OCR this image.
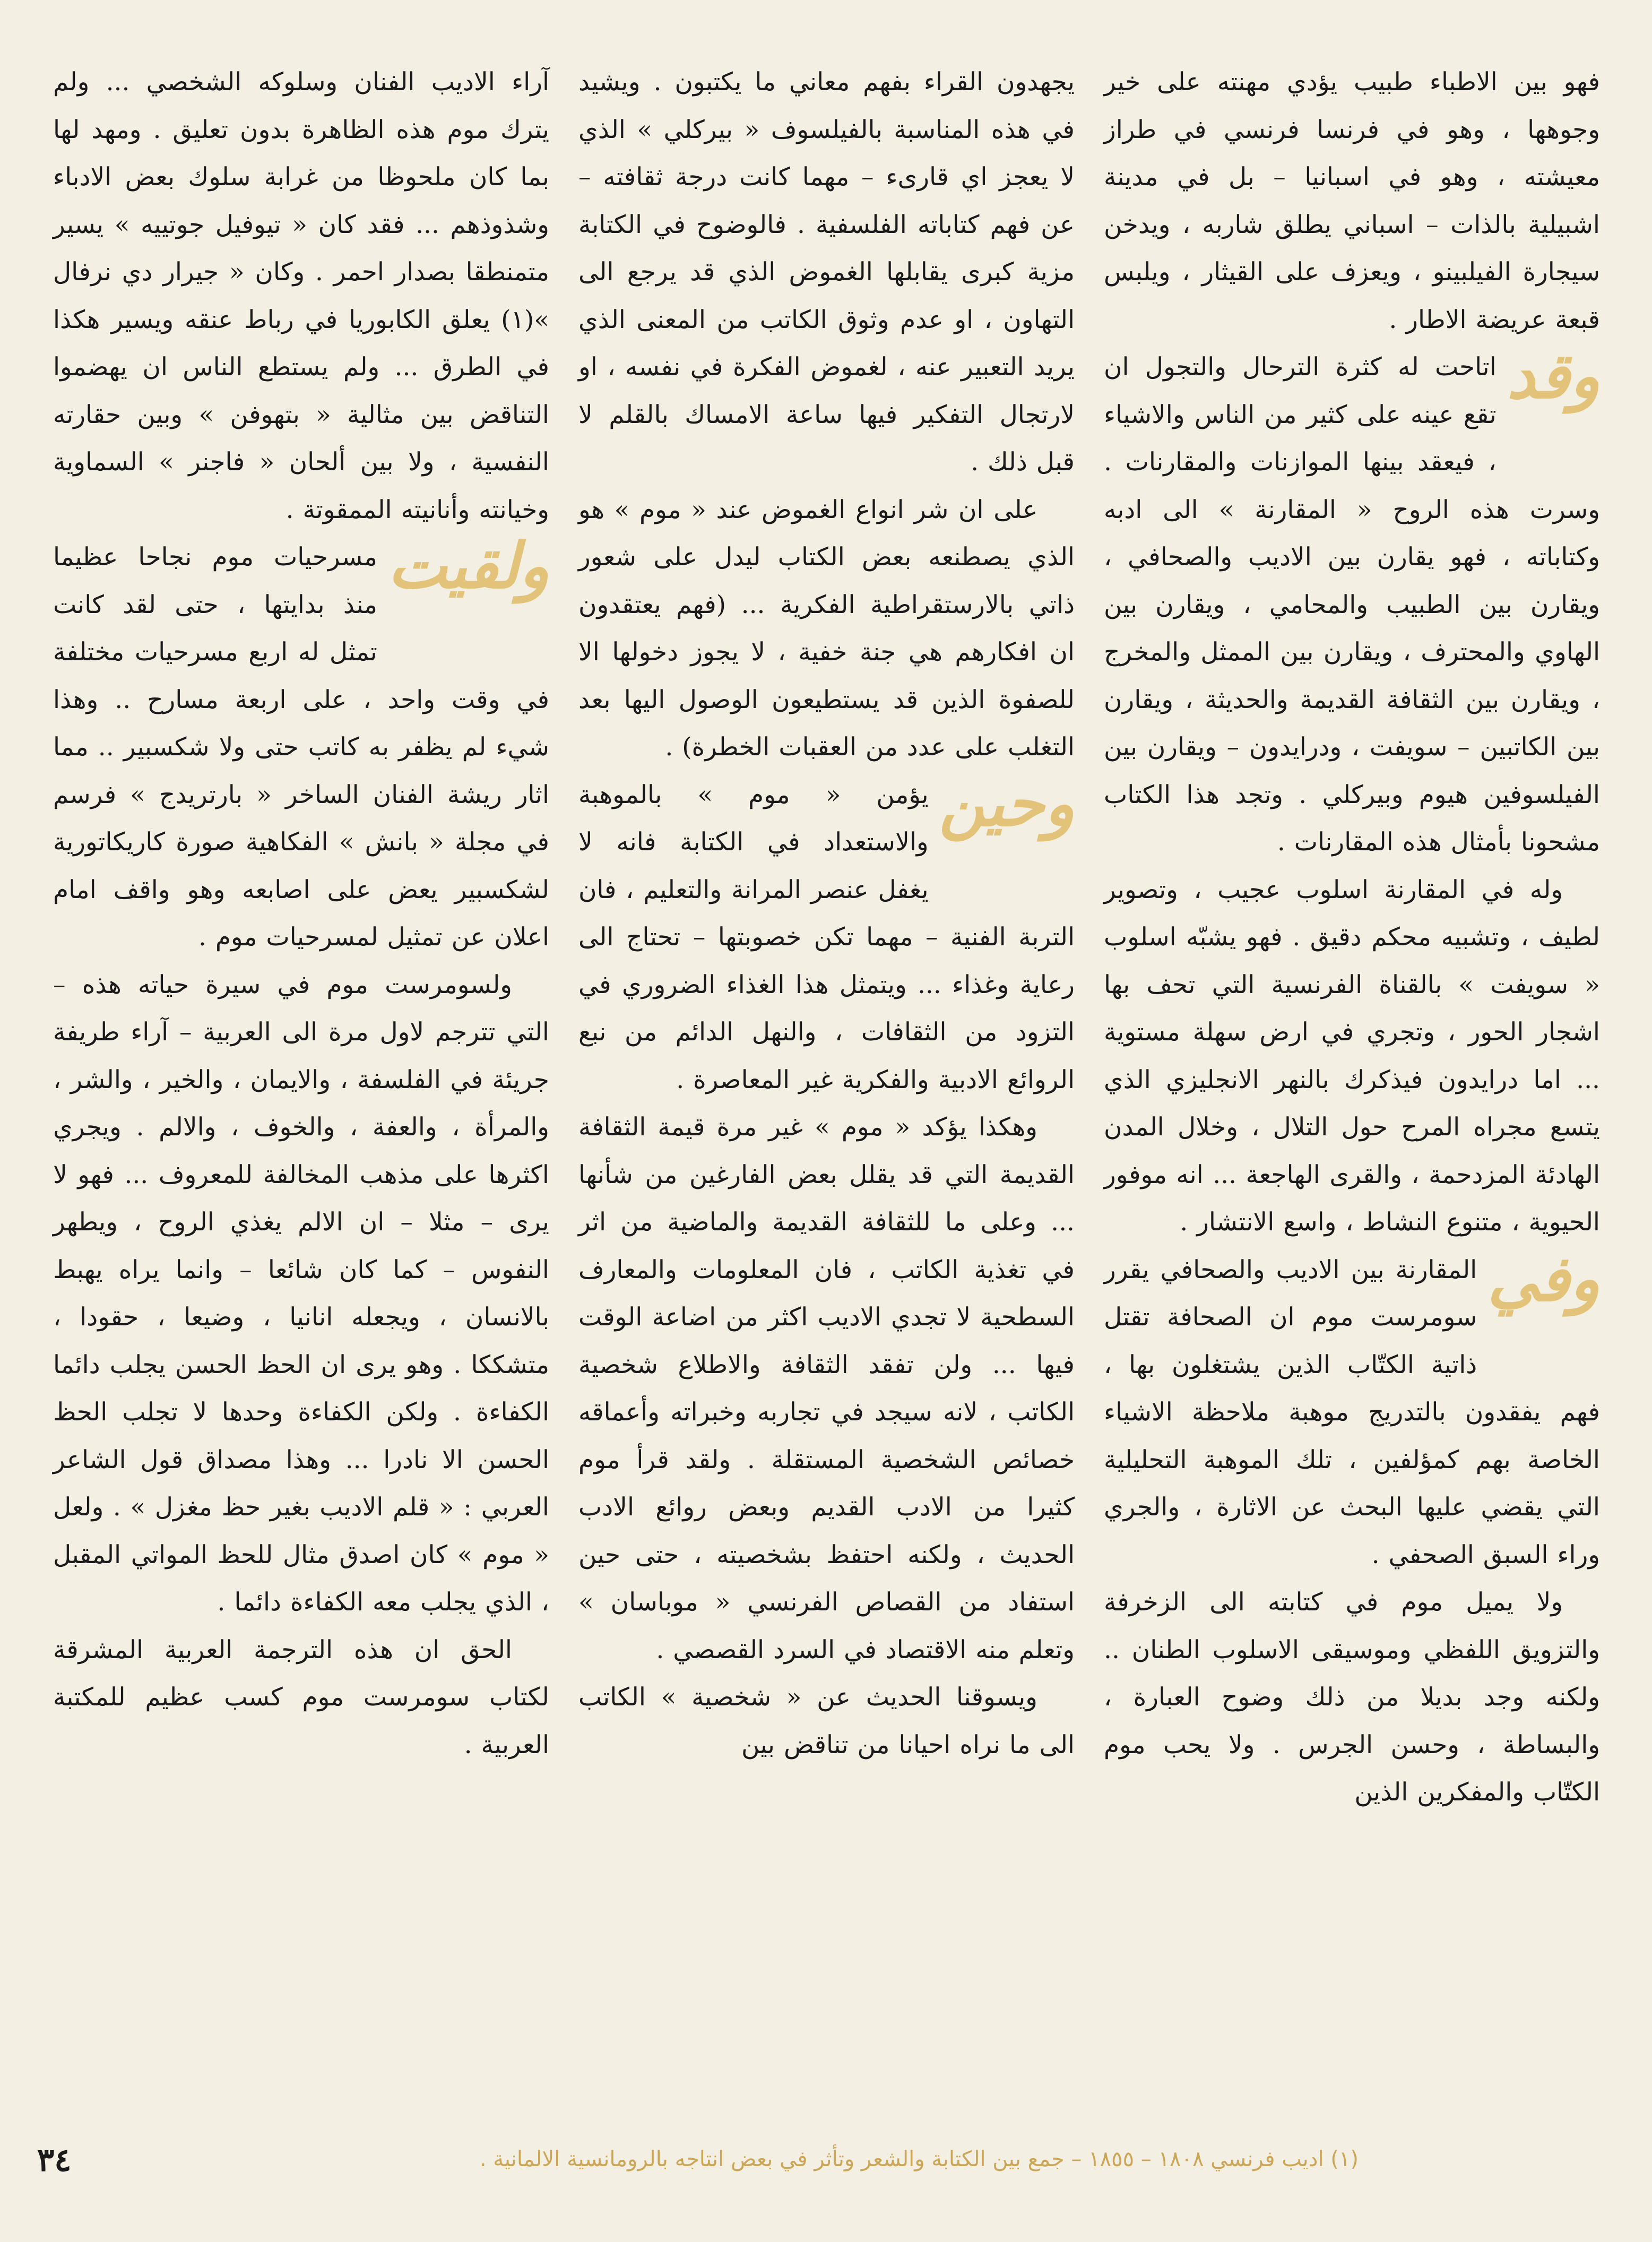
فهو بين الاطباء طبيب يؤدي مهنته على خير وجوهها ، وهو في فرنسا فرنسي في طراز معيشته ، وهو في اسبانيا – بل في مدينة اشبيلية بالذات – اسباني يطلق شاربه ، ويدخن سيجارة الفيلبينو ، ويعزف على القيثار ، ويلبس قبعة عريضة الاطار .

وقد
اتاحت له كثرة الترحال والتجول ان تقع عينه على كثير من الناس والاشياء ، فيعقد بينها الموازنات والمقارنات . وسرت هذه الروح « المقارنة » الى ادبه وكتاباته ، فهو يقارن بين الاديب والصحافي ، ويقارن بين الطبيب والمحامي ، ويقارن بين الهاوي والمحترف ، ويقارن بين الممثل والمخرج ، ويقارن بين الثقافة القديمة والحديثة ، ويقارن بين الكاتبين – سويفت ، ودرايدون – ويقارن بين الفيلسوفين هيوم وبيركلي . وتجد هذا الكتاب مشحونا بأمثال هذه المقارنات .

وله في المقارنة اسلوب عجيب ، وتصوير لطيف ، وتشبيه محكم دقيق . فهو يشبّه اسلوب « سويفت » بالقناة الفرنسية التي تحف بها اشجار الحور ، وتجري في ارض سهلة مستوية ... اما درايدون فيذكرك بالنهر الانجليزي الذي يتسع مجراه المرح حول التلال ، وخلال المدن الهادئة المزدحمة ، والقرى الهاجعة ... انه موفور الحيوية ، متنوع النشاط ، واسع الانتشار .

وفي
المقارنة بين الاديب والصحافي يقرر سومرست موم ان الصحافة تقتل ذاتية الكتّاب الذين يشتغلون بها ، فهم يفقدون بالتدريج موهبة ملاحظة الاشياء الخاصة بهم كمؤلفين ، تلك الموهبة التحليلية التي يقضي عليها البحث عن الاثارة ، والجري وراء السبق الصحفي .

ولا يميل موم في كتابته الى الزخرفة والتزويق اللفظي وموسيقى الاسلوب الطنان .. ولكنه وجد بديلا من ذلك وضوح العبارة ، والبساطة ، وحسن الجرس . ولا يحب موم الكتّاب والمفكرين الذين

يجهدون القراء بفهم معاني ما يكتبون . ويشيد في هذه المناسبة بالفيلسوف « بيركلي » الذي لا يعجز اي قارىء – مهما كانت درجة ثقافته – عن فهم كتاباته الفلسفية . فالوضوح في الكتابة مزية كبرى يقابلها الغموض الذي قد يرجع الى التهاون ، او عدم وثوق الكاتب من المعنى الذي يريد التعبير عنه ، لغموض الفكرة في نفسه ، او لارتجال التفكير فيها ساعة الامساك بالقلم لا قبل ذلك .

على ان شر انواع الغموض عند « موم » هو الذي يصطنعه بعض الكتاب ليدل على شعور ذاتي بالارستقراطية الفكرية ... (فهم يعتقدون ان افكارهم هي جنة خفية ، لا يجوز دخولها الا للصفوة الذين قد يستطيعون الوصول اليها بعد التغلب على عدد من العقبات الخطرة) .

وحين
يؤمن « موم » بالموهبة والاستعداد في الكتابة فانه لا يغفل عنصر المرانة والتعليم ، فان التربة الفنية – مهما تكن خصوبتها – تحتاج الى رعاية وغذاء ... ويتمثل هذا الغذاء الضروري في التزود من الثقافات ، والنهل الدائم من نبع الروائع الادبية والفكرية غير المعاصرة .

وهكذا يؤكد « موم » غير مرة قيمة الثقافة القديمة التي قد يقلل بعض الفارغين من شأنها ... وعلى ما للثقافة القديمة والماضية من اثر في تغذية الكاتب ، فان المعلومات والمعارف السطحية لا تجدي الاديب اكثر من اضاعة الوقت فيها ... ولن تفقد الثقافة والاطلاع شخصية الكاتب ، لانه سيجد في تجاربه وخبراته وأعماقه خصائص الشخصية المستقلة . ولقد قرأ موم كثيرا من الادب القديم وبعض روائع الادب الحديث ، ولكنه احتفظ بشخصيته ، حتى حين استفاد من القصاص الفرنسي « موباسان » وتعلم منه الاقتصاد في السرد القصصي .

ويسوقنا الحديث عن « شخصية » الكاتب الى ما نراه احيانا من تناقض بين

آراء الاديب الفنان وسلوكه الشخصي ... ولم يترك موم هذه الظاهرة بدون تعليق . ومهد لها بما كان ملحوظا من غرابة سلوك بعض الادباء وشذوذهم ... فقد كان « تيوفيل جوتييه » يسير متمنطقا بصدار احمر . وكان « جيرار دي نرفال »(١) يعلق الكابوريا في رباط عنقه ويسير هكذا في الطرق ... ولم يستطع الناس ان يهضموا التناقض بين مثالية « بتهوفن » وبين حقارته النفسية ، ولا بين ألحان « فاجنر » السماوية وخيانته وأنانيته الممقوتة .

ولقيت
مسرحيات موم نجاحا عظيما منذ بدايتها ، حتى لقد كانت تمثل له اربع مسرحيات مختلفة في وقت واحد ، على اربعة مسارح .. وهذا شيء لم يظفر به كاتب حتى ولا شكسبير .. مما اثار ريشة الفنان الساخر « بارتريدج » فرسم في مجلة « بانش » الفكاهية صورة كاريكاتورية لشكسبير يعض على اصابعه وهو واقف امام اعلان عن تمثيل لمسرحيات موم .

ولسومرست موم في سيرة حياته هذه – التي تترجم لاول مرة الى العربية – آراء طريفة جريئة في الفلسفة ، والايمان ، والخير ، والشر ، والمرأة ، والعفة ، والخوف ، والالم . ويجري اكثرها على مذهب المخالفة للمعروف ... فهو لا يرى – مثلا – ان الالم يغذي الروح ، ويطهر النفوس – كما كان شائعا – وانما يراه يهبط بالانسان ، ويجعله انانيا ، وضيعا ، حقودا ، متشككا . وهو يرى ان الحظ الحسن يجلب دائما الكفاءة . ولكن الكفاءة وحدها لا تجلب الحظ الحسن الا نادرا ... وهذا مصداق قول الشاعر العربي : « قلم الاديب بغير حظ مغزل » . ولعل « موم » كان اصدق مثال للحظ المواتي المقبل ، الذي يجلب معه الكفاءة دائما .

الحق ان هذه الترجمة العربية المشرقة لكتاب سومرست موم كسب عظيم للمكتبة العربية .

٣٤	(١) اديب فرنسي ١٨٠٨ – ١٨٥٥ – جمع بين الكتابة والشعر وتأثر في بعض انتاجه بالرومانسية الالمانية .
